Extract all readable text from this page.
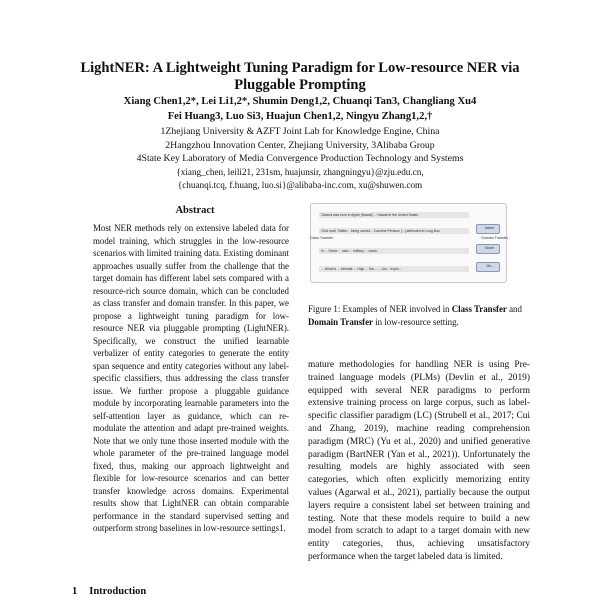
LightNER: A Lightweight Tuning Paradigm for Low-resource NER via
Pluggable Prompting
Xiang Chen1,2*, Lei Li1,2*, Shumin Deng1,2, Chuanqi Tan3, Changliang Xu4
Fei Huang3, Luo Si3, Huajun Chen1,2, Ningyu Zhang1,2,†
1Zhejiang University & AZFT Joint Lab for Knowledge Engine, China
2Hangzhou Innovation Center, Zhejiang University, 3Alibaba Group
4State Key Laboratory of Media Convergence Production Technology and Systems
{xiang_chen, leili21, 231sm, huajunsir, zhangningyu}@zju.edu.cn,
{chuanqi.tcq, f.huang, luo.si}@alibaba-inc.com, xu@shuwen.com
Abstract
Most NER methods rely on extensive labeled data for model training, which struggles in the low-resource scenarios with limited training data. Existing dominant approaches usually suffer from the challenge that the target domain has different label sets compared with a resource-rich source domain, which can be concluded as class transfer and domain transfer. In this paper, we propose a lightweight tuning paradigm for low-resource NER via pluggable prompting (LightNER). Specifically, we construct the unified learnable verbalizer of entity categories to generate the entity span sequence and entity categories without any label-specific classifiers, thus addressing the class transfer issue. We further propose a pluggable guidance module by incorporating learnable parameters into the self-attention layer as guidance, which can re-modulate the attention and adapt pre-trained weights. Note that we only tune those inserted module with the whole parameter of the pre-trained language model fixed, thus, making our approach lightweight and flexible for low-resource scenarios and can better transfer knowledge across domains. Experimental results show that LightNER can obtain comparable performance in the standard supervised setting and outperform strong baselines in low-resource settings1.
Obama was born in Apple [Hawaii] ... Hawaii in the United States
Click mail, Twitter... being owned... Caroline Persson [...] attributed to Long Bos
In ... Some ... said ... military ... crash.
... What is ... intimate ... High ... Ma... ... Jos... tropin...
Class Transfer	Domain Transfer
Name
Movie
Mo...
Figure 1: Examples of NER involved in Class Transfer and Domain Transfer in low-resource setting.
mature methodologies for handling NER is using Pre-trained language models (PLMs) (Devlin et al., 2019) equipped with several NER paradigms to perform extensive training process on large corpus, such as label-specific classifier paradigm (LC) (Strubell et al., 2017; Cui and Zhang, 2019), machine reading comprehension paradigm (MRC) (Yu et al., 2020) and unified generative paradigm (BartNER (Yan et al., 2021)). Unfortunately the resulting models are highly associated with seen categories, which often explicitly memorizing entity values (Agarwal et al., 2021), partially because the output layers require a consistent label set between training and testing. Note that these models require to build a new model from scratch to adapt to a target domain with new entity categories, thus, achieving unsatisfactory performance when the target labeled data is limited.
1 Introduction
